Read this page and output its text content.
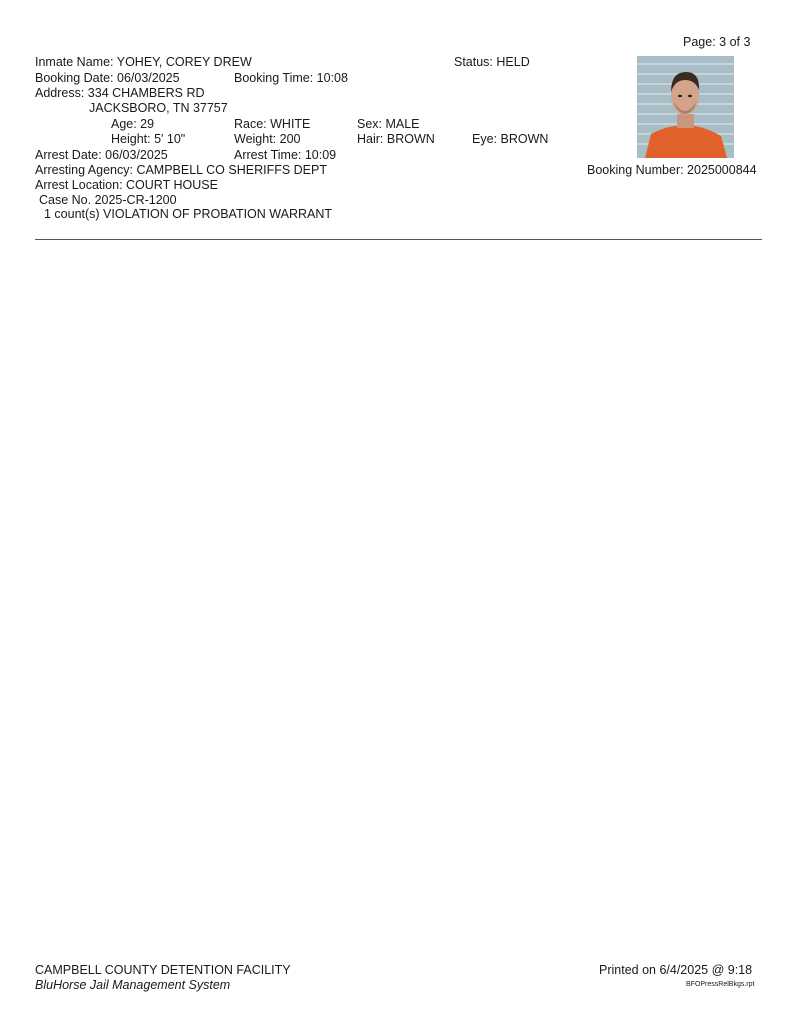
Page: 3 of 3
Inmate Name: YOHEY, COREY DREW	Status: HELD
Booking Date: 06/03/2025	Booking Time: 10:08
Address: 334 CHAMBERS RD
JACKSBORO, TN 37757
Age: 29	Race: WHITE	Sex: MALE
Height: 5' 10"	Weight: 200	Hair: BROWN	Eye: BROWN
Arrest Date: 06/03/2025	Arrest Time: 10:09
Arresting Agency: CAMPBELL CO SHERIFFS DEPT	Booking Number: 2025000844
Arrest Location: COURT HOUSE
Case No. 2025-CR-1200
1 count(s) VIOLATION OF PROBATION WARRANT
CAMPBELL COUNTY DETENTION FACILITY
BluHorse Jail Management System
Printed on 6/4/2025 @ 9:18
BFOPressRelBkgs.rpt
